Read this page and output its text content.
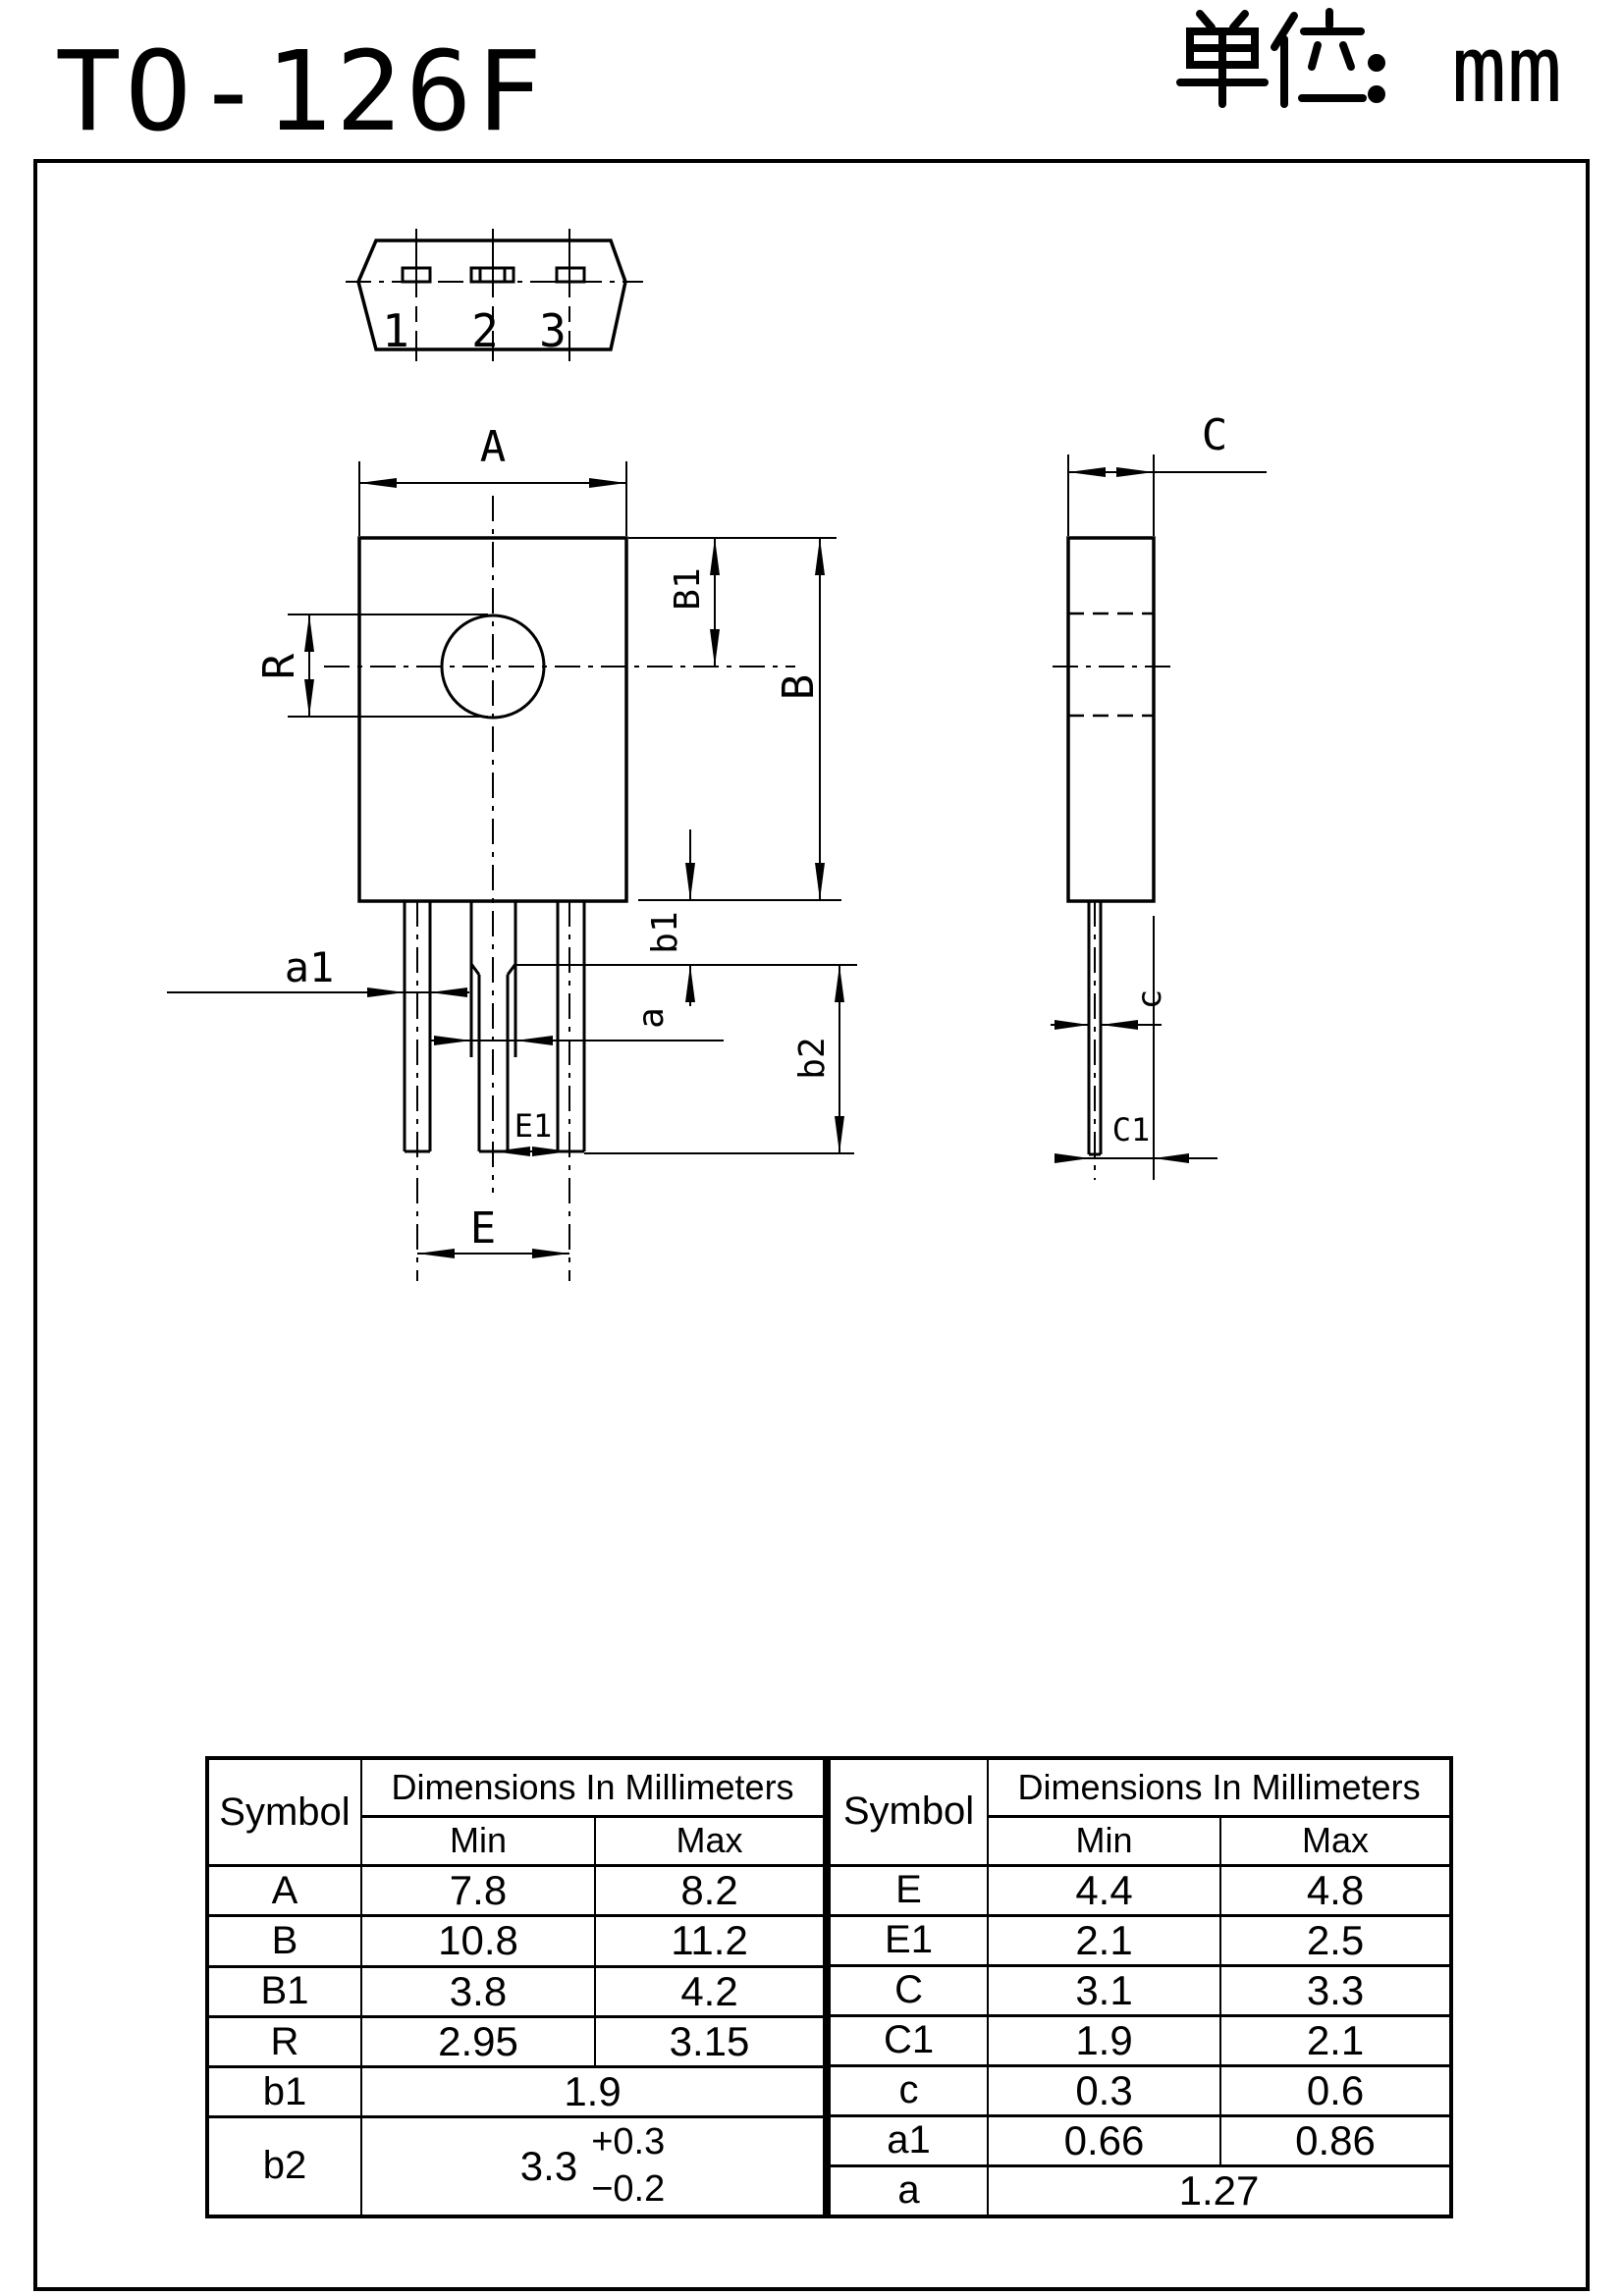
TO-126F	mm
1 2 3
A
R
B1
B
b1
a1
a
b2
E1
E
C
c
C1
Symbol	Dimensions In Millimeters	
	Min	Max
A	7.8	8.2
B	10.8	11.2
B1	3.8	4.2
R	2.95	3.15
b1	1.9	
b2	3.3
+0.3
−0.2	
Symbol	Dimensions In Millimeters	
	Min	Max
E	4.4	4.8
E1	2.1	2.5
C	3.1	3.3
C1	1.9	2.1
c	0.3	0.6
a1	0.66	0.86
a	1.27	
